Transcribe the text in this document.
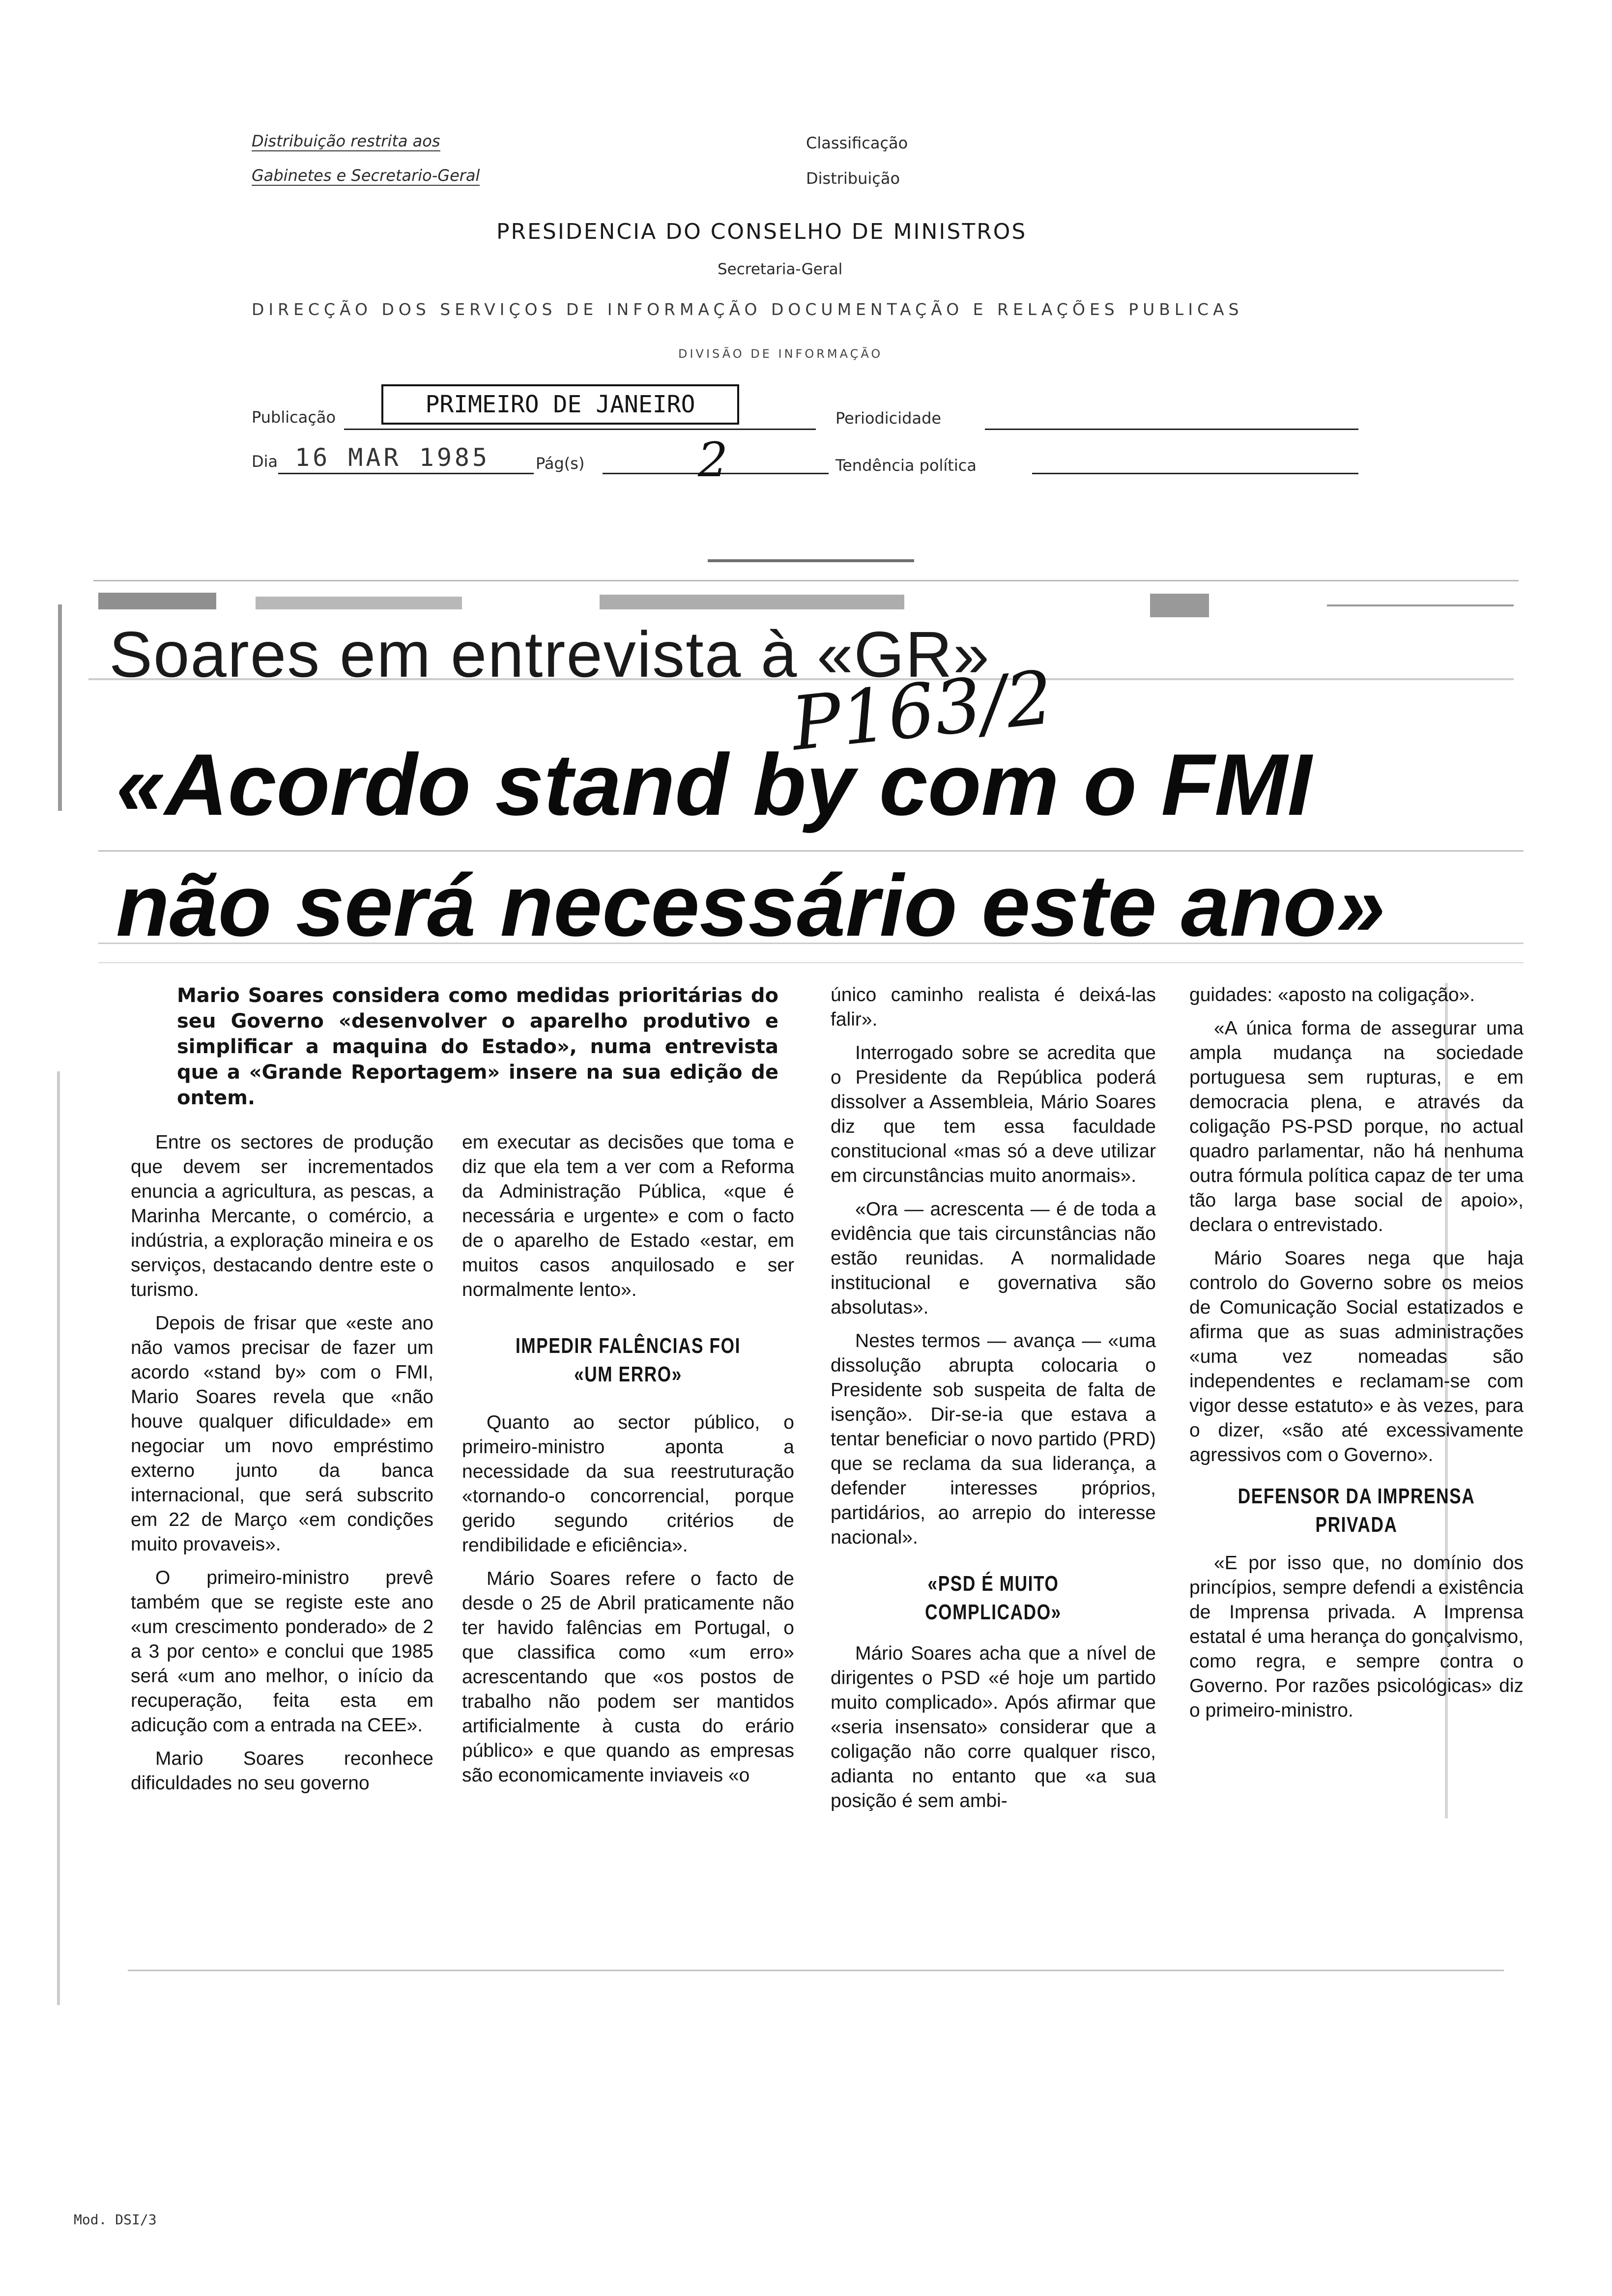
Distribuição restrita aos
Gabinetes e Secretario-Geral
Classificação
Distribuição
PRESIDENCIA DO CONSELHO DE MINISTROS
Secretaria-Geral
DIRECÇÃO DOS SERVIÇOS DE INFORMAÇÃO DOCUMENTAÇÃO E RELAÇÕES PUBLICAS
DIVISÃO DE INFORMAÇÃO
Publicação	PRIMEIRO DE JANEIRO	Periodicidade
Dia 16 MAR 1985	Pág(s) 2	Tendência política
Soares em entrevista à «GR»
P163/2
«Acordo stand by com o FMI
não será necessário este ano»
Mario Soares considera como medidas prioritárias do seu Governo «desenvolver o aparelho produtivo e simplificar a maquina do Estado», numa entrevista que a «Grande Reportagem» insere na sua edição de ontem.

Entre os sectores de produção que devem ser incrementados enuncia a agricultura, as pescas, a Marinha Mercante, o comércio, a indústria, a exploração mineira e os serviços, destacando dentre este o turismo.

Depois de frisar que «este ano não vamos precisar de fazer um acordo «stand by» com o FMI, Mario Soares revela que «não houve qualquer dificuldade» em negociar um novo empréstimo externo junto da banca internacional, que será subscrito em 22 de Março «em condições muito provaveis».

O primeiro-ministro prevê também que se registe este ano «um crescimento ponderado» de 2 a 3 por cento» e conclui que 1985 será «um ano melhor, o início da recuperação, feita esta em adicução com a entrada na CEE».

Mario Soares reconhece dificuldades no seu governo

em executar as decisões que toma e diz que ela tem a ver com a Reforma da Administração Pública, «que é necessária e urgente» e com o facto de o aparelho de Estado «estar, em muitos casos anquilosado e ser normalmente lento».

IMPEDIR FALÊNCIAS FOI «UM ERRO»

Quanto ao sector público, o primeiro-ministro aponta a necessidade da sua reestruturação «tornando-o concorrencial, porque gerido segundo critérios de rendibilidade e eficiência».

Mário Soares refere o facto de desde o 25 de Abril praticamente não ter havido falências em Portugal, o que classifica como «um erro» acrescentando que «os postos de trabalho não podem ser mantidos artificialmente à custa do erário público» e que quando as empresas são economicamente inviaveis «o

único caminho realista é deixá-las falir».

Interrogado sobre se acredita que o Presidente da República poderá dissolver a Assembleia, Mário Soares diz que tem essa faculdade constitucional «mas só a deve utilizar em circunstâncias muito anormais».

«Ora — acrescenta — é de toda a evidência que tais circunstâncias não estão reunidas. A normalidade institucional e governativa são absolutas».

Nestes termos — avança — «uma dissolução abrupta colocaria o Presidente sob suspeita de falta de isenção». Dir-se-ia que estava a tentar beneficiar o novo partido (PRD) que se reclama da sua liderança, a defender interesses próprios, partidários, ao arrepio do interesse nacional».

«PSD É MUITO COMPLICADO»

Mário Soares acha que a nível de dirigentes o PSD «é hoje um partido muito complicado». Após afirmar que «seria insensato» considerar que a coligação não corre qualquer risco, adianta no entanto que «a sua posição é sem ambi-

guidades: «aposto na coligação».

«A única forma de assegurar uma ampla mudança na sociedade portuguesa sem rupturas, e em democracia plena, e através da coligação PS-PSD porque, no actual quadro parlamentar, não há nenhuma outra fórmula política capaz de ter uma tão larga base social de apoio», declara o entrevistado.

Mário Soares nega que haja controlo do Governo sobre os meios de Comunicação Social estatizados e afirma que as suas administrações «uma vez nomeadas são independentes e reclamam-se com vigor desse estatuto» e às vezes, para o dizer, «são até excessivamente agressivos com o Governo».

DEFENSOR DA IMPRENSA PRIVADA

«E por isso que, no domínio dos princípios, sempre defendi a existência de Imprensa privada. A Imprensa estatal é uma herança do gonçalvismo, como regra, e sempre contra o Governo. Por razões psicológicas» diz o primeiro-ministro.

Mod. DSI/3
